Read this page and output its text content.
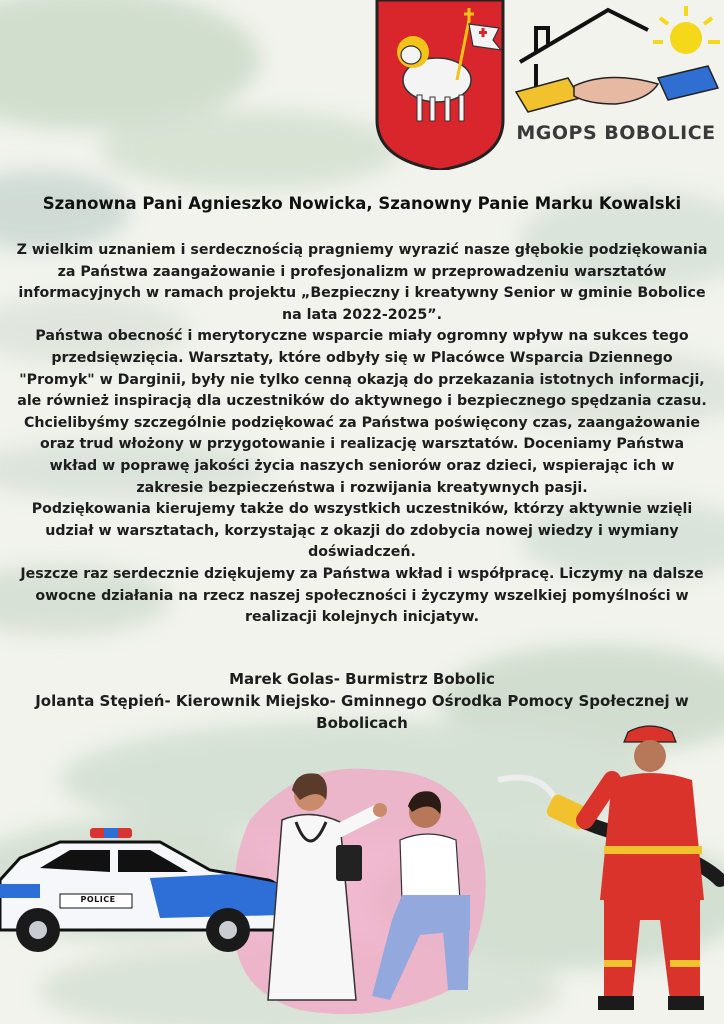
MGOPS BOBOLICE
Szanowna Pani Agnieszko Nowicka, Szanowny Panie Marku Kowalski

Z wielkim uznaniem i serdecznością pragniemy wyrazić nasze głębokie podziękowania za Państwa zaangażowanie i profesjonalizm w przeprowadzeniu warsztatów informacyjnych w ramach projektu „Bezpieczny i kreatywny Senior w gminie Bobolice na lata 2022-2025”.

Państwa obecność i merytoryczne wsparcie miały ogromny wpływ na sukces tego przedsięwzięcia. Warsztaty, które odbyły się w Placówce Wsparcia Dziennego "Promyk" w Darginii, były nie tylko cenną okazją do przekazania istotnych informacji, ale również inspiracją dla uczestników do aktywnego i bezpiecznego spędzania czasu. Chcielibyśmy szczególnie podziękować za Państwa poświęcony czas, zaangażowanie oraz trud włożony w przygotowanie i realizację warsztatów. Doceniamy Państwa wkład w poprawę jakości życia naszych seniorów oraz dzieci, wspierając ich w zakresie bezpieczeństwa i rozwijania kreatywnych pasji.

Podziękowania kierujemy także do wszystkich uczestników, którzy aktywnie wzięli udział w warsztatach, korzystając z okazji do zdobycia nowej wiedzy i wymiany doświadczeń.

Jeszcze raz serdecznie dziękujemy za Państwa wkład i współpracę. Liczymy na dalsze owocne działania na rzecz naszej społeczności i życzymy wszelkiej pomyślności w realizacji kolejnych inicjatyw.

Marek Golas- Burmistrz Bobolic

Jolanta Stępień- Kierownik Miejsko- Gminnego Ośrodka Pomocy Społecznej w Bobolicach

POLICE
